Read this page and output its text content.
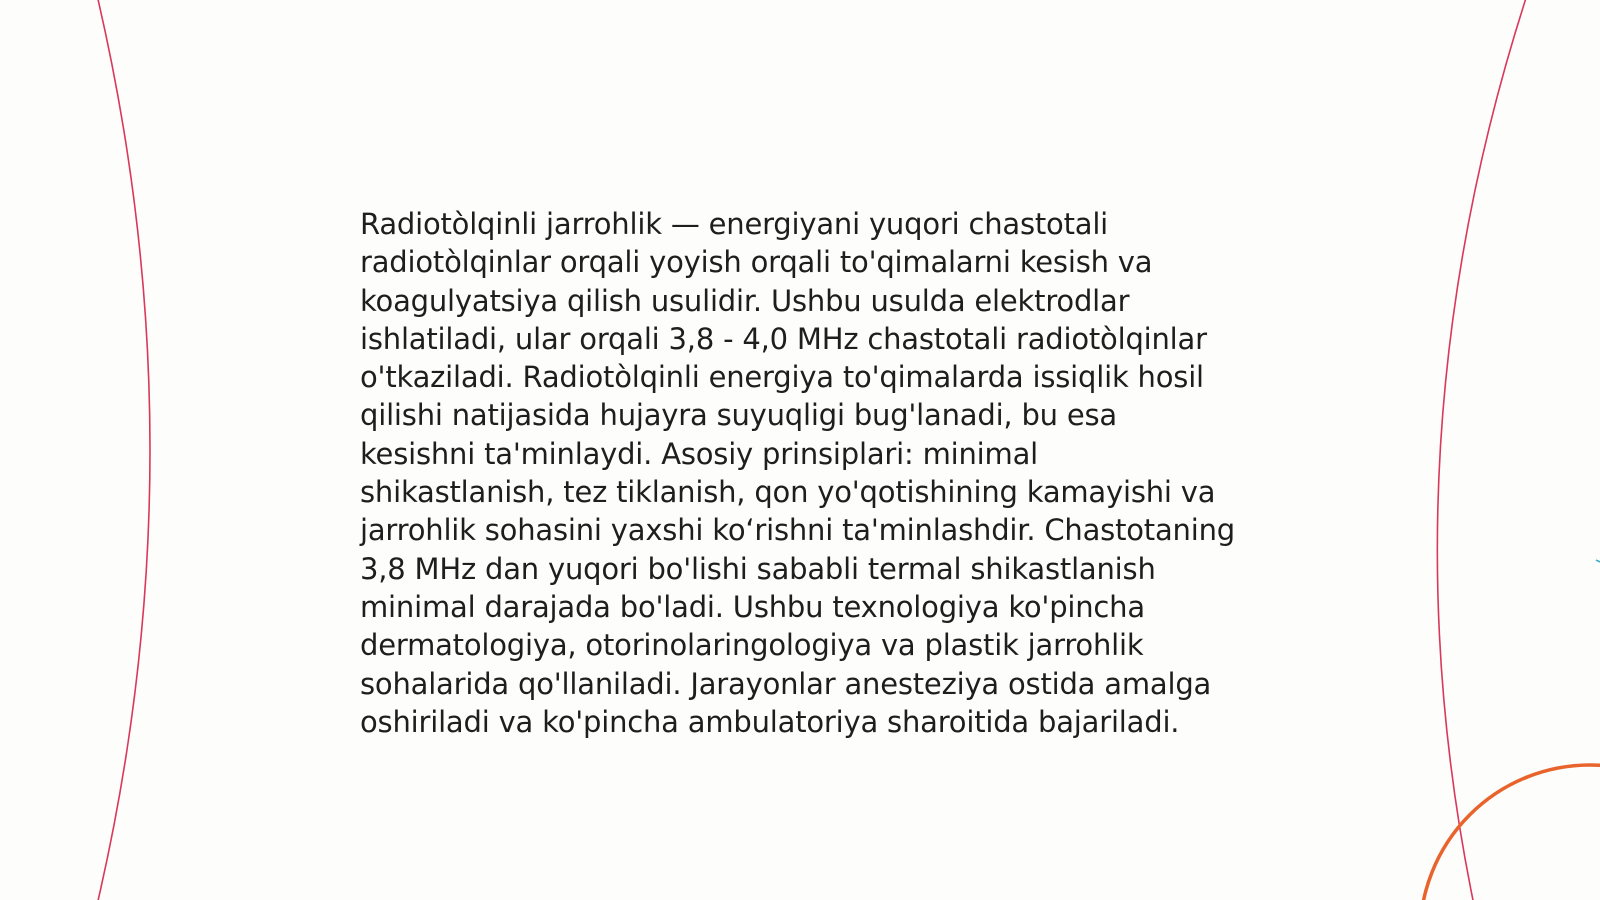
Radiotòlqinli jarrohlik — energiyani yuqori chastotali radiotòlqinlar orqali yoyish orqali to'qimalarni kesish va koagulyatsiya qilish usulidir. Ushbu usulda elektrodlar ishlatiladi, ular orqali 3,8 - 4,0 MHz chastotali radiotòlqinlar o'tkaziladi. Radiotòlqinli energiya to'qimalarda issiqlik hosil qilishi natijasida hujayra suyuqligi bug'lanadi, bu esa kesishni ta'minlaydi. Asosiy prinsiplari: minimal shikastlanish, tez tiklanish, qon yo'qotishining kamayishi va jarrohlik sohasini yaxshi ko‘rishni ta'minlashdir. Chastotaning 3,8 MHz dan yuqori bo'lishi sababli termal shikastlanish minimal darajada bo'ladi. Ushbu texnologiya ko'pincha dermatologiya, otorinolaringologiya va plastik jarrohlik sohalarida qo'llaniladi. Jarayonlar anesteziya ostida amalga oshiriladi va ko'pincha ambulatoriya sharoitida bajariladi.
